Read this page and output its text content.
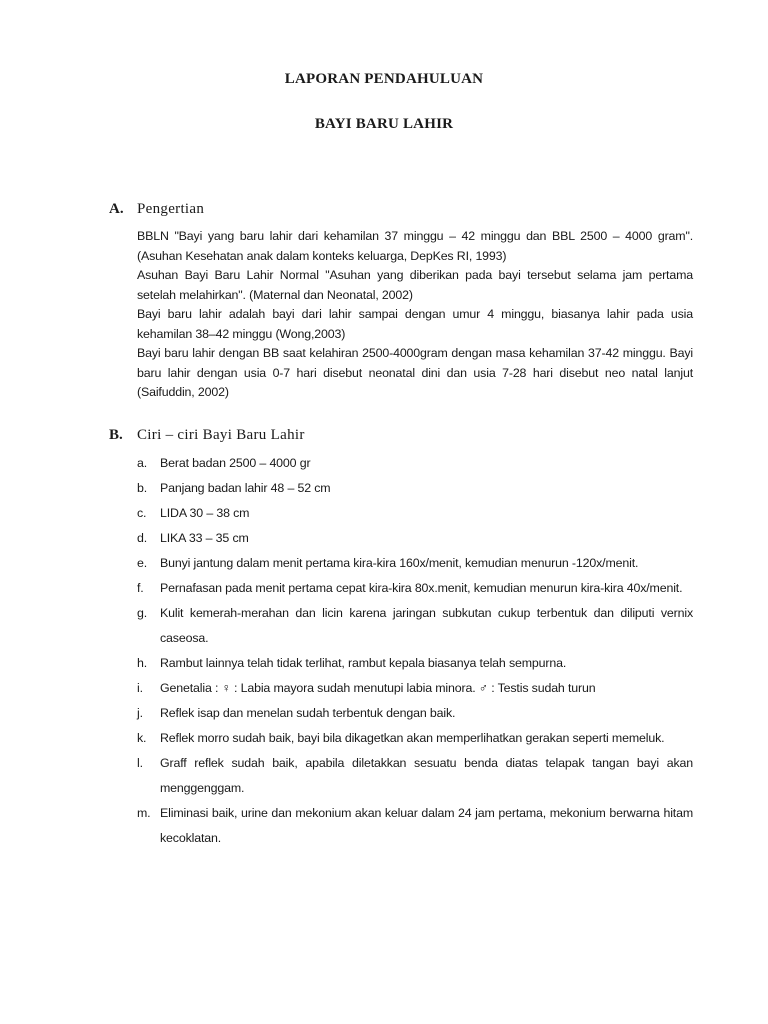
LAPORAN PENDAHULUAN
BAYI BARU LAHIR
A. Pengertian

BBLN "Bayi yang baru lahir dari kehamilan 37 minggu – 42 minggu dan BBL 2500 – 4000 gram". (Asuhan Kesehatan anak dalam konteks keluarga, DepKes RI, 1993)

Asuhan Bayi Baru Lahir Normal "Asuhan yang diberikan pada bayi tersebut selama jam pertama setelah melahirkan". (Maternal dan Neonatal, 2002)

Bayi baru lahir adalah bayi dari lahir sampai dengan umur 4 minggu, biasanya lahir pada usia kehamilan 38–42 minggu (Wong,2003)

Bayi baru lahir dengan BB saat kelahiran 2500-4000gram dengan masa kehamilan 37-42 minggu. Bayi baru lahir dengan usia 0-7 hari disebut neonatal dini dan usia 7-28 hari disebut neo natal lanjut (Saifuddin, 2002)

B. Ciri – ciri Bayi Baru Lahir
a. Berat badan 2500 – 4000 gr
b. Panjang badan lahir 48 – 52 cm
c. LIDA 30 – 38 cm
d. LIKA 33 – 35 cm
e. Bunyi jantung dalam menit pertama kira-kira 160x/menit, kemudian menurun -120x/menit.
f. Pernafasan pada menit pertama cepat kira-kira 80x.menit, kemudian menurun kira-kira 40x/menit.
g. Kulit kemerah-merahan dan licin karena jaringan subkutan cukup terbentuk dan diliputi vernix caseosa.
h. Rambut lainnya telah tidak terlihat, rambut kepala biasanya telah sempurna.
i. Genetalia : ♀ : Labia mayora sudah menutupi labia minora. ♂ : Testis sudah turun
j. Reflek isap dan menelan sudah terbentuk dengan baik.
k. Reflek morro sudah baik, bayi bila dikagetkan akan memperlihatkan gerakan seperti memeluk.
l. Graff reflek sudah baik, apabila diletakkan sesuatu benda diatas telapak tangan bayi akan menggenggam.
m. Eliminasi baik, urine dan mekonium akan keluar dalam 24 jam pertama, mekonium berwarna hitam kecoklatan.
